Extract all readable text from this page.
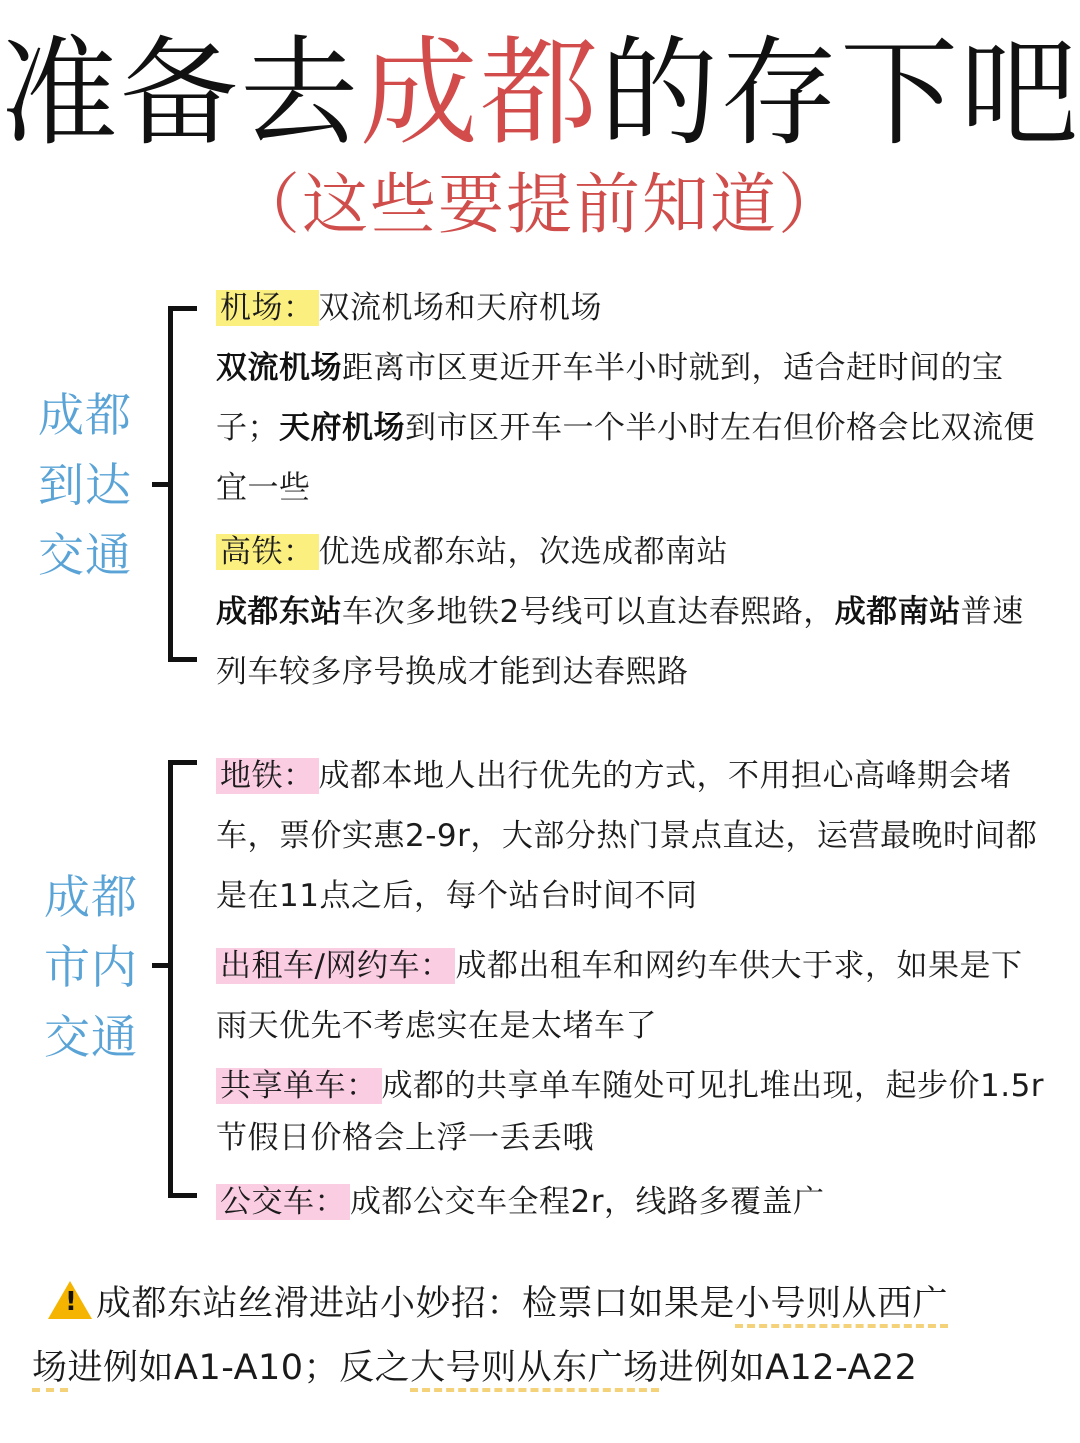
准备去成都的存下吧
（这些要提前知道）
成都
到达
交通

机场： 双流机场和天府机场

双流机场距离市区更近开车半小时就到，适合赶时间的宝子；天府机场到市区开车一个半小时左右但价格会比双流便宜一些

高铁： 优选成都东站，次选成都南站

成都东站车次多地铁2号线可以直达春熙路，成都南站普速列车较多序号换成才能到达春熙路

成都
市内
交通

地铁： 成都本地人出行优先的方式，不用担心高峰期会堵车，票价实惠2-9r，大部分热门景点直达，运营最晚时间都是在11点之后，每个站台时间不同

出租车/网约车： 成都出租车和网约车供大于求，如果是下雨天优先不考虑实在是太堵车了

共享单车： 成都的共享单车随处可见扎堆出现，起步价1.5r节假日价格会上浮一丢丢哦

公交车： 成都公交车全程2r，线路多覆盖广

! 成都东站丝滑进站小妙招：检票口如果是小号则从西广
场进例如A1-A10；反之大号则从东广场进例如A12-A22
